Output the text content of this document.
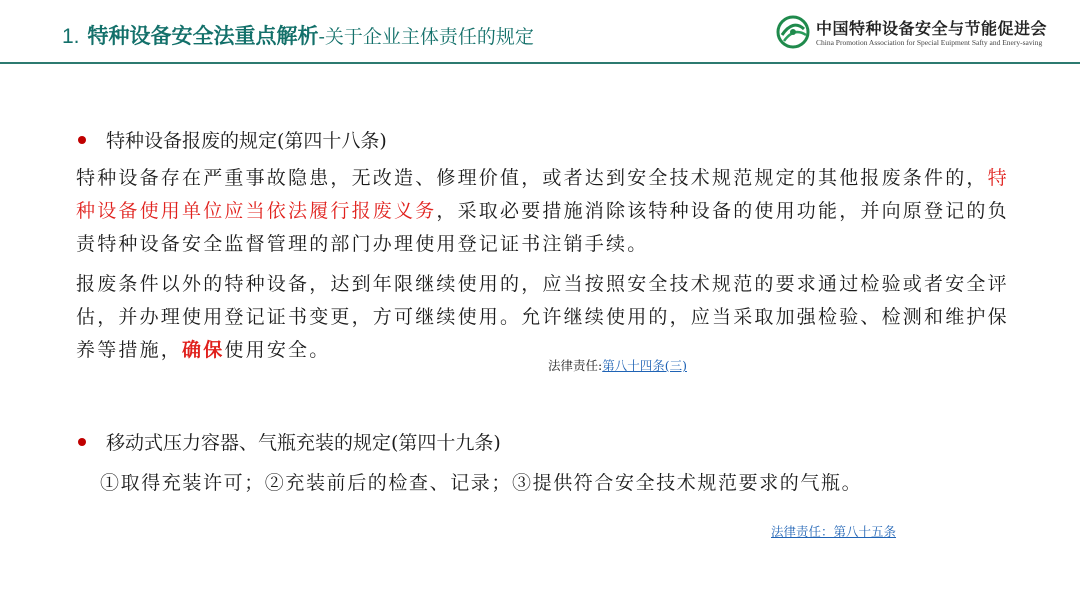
1. 特种设备安全法重点解析-关于企业主体责任的规定	中国特种设备安全与节能促进会
China Promotion Association for Special Euipment Safty and Enery-saving
特种设备报废的规定(第四十八条)
特种设备存在严重事故隐患，无改造、修理价值，或者达到安全技术规范规定的其他报废条件的，特种设备使用单位应当依法履行报废义务，采取必要措施消除该特种设备的使用功能，并向原登记的负责特种设备安全监督管理的部门办理使用登记证书注销手续。
报废条件以外的特种设备，达到年限继续使用的，应当按照安全技术规范的要求通过检验或者安全评估，并办理使用登记证书变更，方可继续使用。允许继续使用的，应当采取加强检验、检测和维护保养等措施，确保使用安全。
法律责任:第八十四条(三)
移动式压力容器、气瓶充装的规定(第四十九条)
①取得充装许可；②充装前后的检查、记录；③提供符合安全技术规范要求的气瓶。
法律责任：第八十五条
